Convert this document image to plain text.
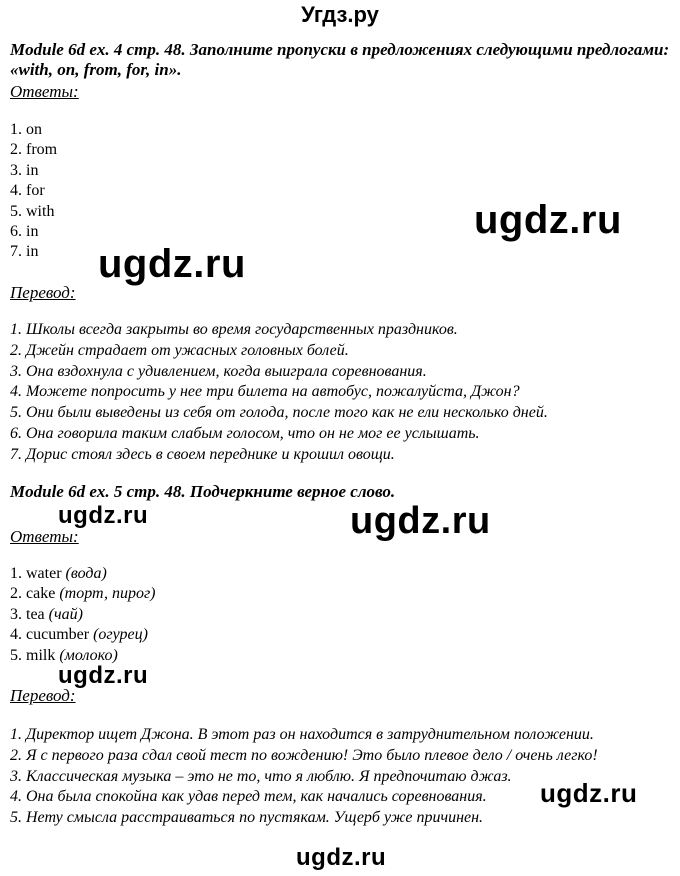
Угдз.ру
Module 6d ex. 4 стр. 48. Заполните пропуски в предложениях следующими предлогами: «with, on, from, for, in».
Ответы:
1. on
2. from
3. in
4. for
5. with
6. in
7. in
Перевод:
1. Школы всегда закрыты во время государственных праздников.
2. Джейн страдает от ужасных головных болей.
3. Она вздохнула с удивлением, когда выиграла соревнования.
4. Можете попросить у нее три билета на автобус, пожалуйста, Джон?
5. Они были выведены из себя от голода, после того как не ели несколько дней.
6. Она говорила таким слабым голосом, что он не мог ее услышать.
7. Дорис стоял здесь в своем переднике и крошил овощи.
Module 6d ex. 5 стр. 48. Подчеркните верное слово.
Ответы:
1. water (вода)
2. cake (торт, пирог)
3. tea (чай)
4. cucumber (огурец)
5. milk (молоко)
Перевод:
1. Директор ищет Джона. В этот раз он находится в затруднительном положении.
2. Я с первого раза сдал свой тест по вождению! Это было плевое дело / очень легко!
3. Классическая музыка – это не то, что я люблю. Я предпочитаю джаз.
4. Она была спокойна как удав перед тем, как начались соревнования.
5. Нету смысла расстраиваться по пустякам. Ущерб уже причинен.
ugdz.ru
ugdz.ru
ugdz.ru	ugdz.ru
ugdz.ru
ugdz.ru
ugdz.ru
